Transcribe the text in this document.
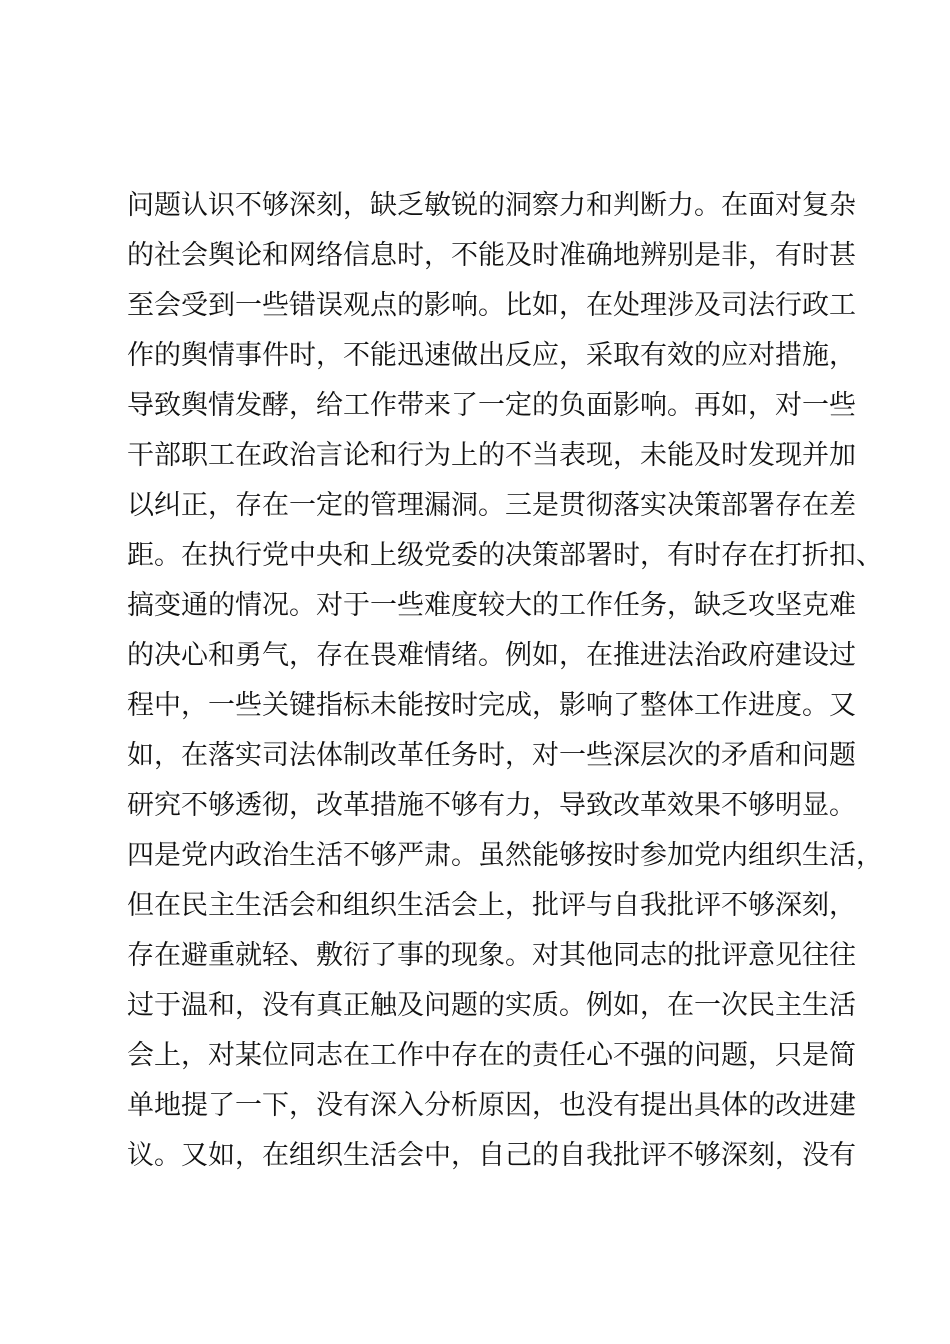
问题认识不够深刻，缺乏敏锐的洞察力和判断力。在面对复杂
的社会舆论和网络信息时，不能及时准确地辨别是非，有时甚
至会受到一些错误观点的影响。比如，在处理涉及司法行政工
作的舆情事件时，不能迅速做出反应，采取有效的应对措施，
导致舆情发酵，给工作带来了一定的负面影响。再如，对一些
干部职工在政治言论和行为上的不当表现，未能及时发现并加
以纠正，存在一定的管理漏洞。三是贯彻落实决策部署存在差
距。在执行党中央和上级党委的决策部署时，有时存在打折扣、
搞变通的情况。对于一些难度较大的工作任务，缺乏攻坚克难
的决心和勇气，存在畏难情绪。例如，在推进法治政府建设过
程中，一些关键指标未能按时完成，影响了整体工作进度。又
如，在落实司法体制改革任务时，对一些深层次的矛盾和问题
研究不够透彻，改革措施不够有力，导致改革效果不够明显。
四是党内政治生活不够严肃。虽然能够按时参加党内组织生活，
但在民主生活会和组织生活会上，批评与自我批评不够深刻，
存在避重就轻、敷衍了事的现象。对其他同志的批评意见往往
过于温和，没有真正触及问题的实质。例如，在一次民主生活
会上，对某位同志在工作中存在的责任心不强的问题，只是简
单地提了一下，没有深入分析原因，也没有提出具体的改进建
议。又如，在组织生活会中，自己的自我批评不够深刻，没有
